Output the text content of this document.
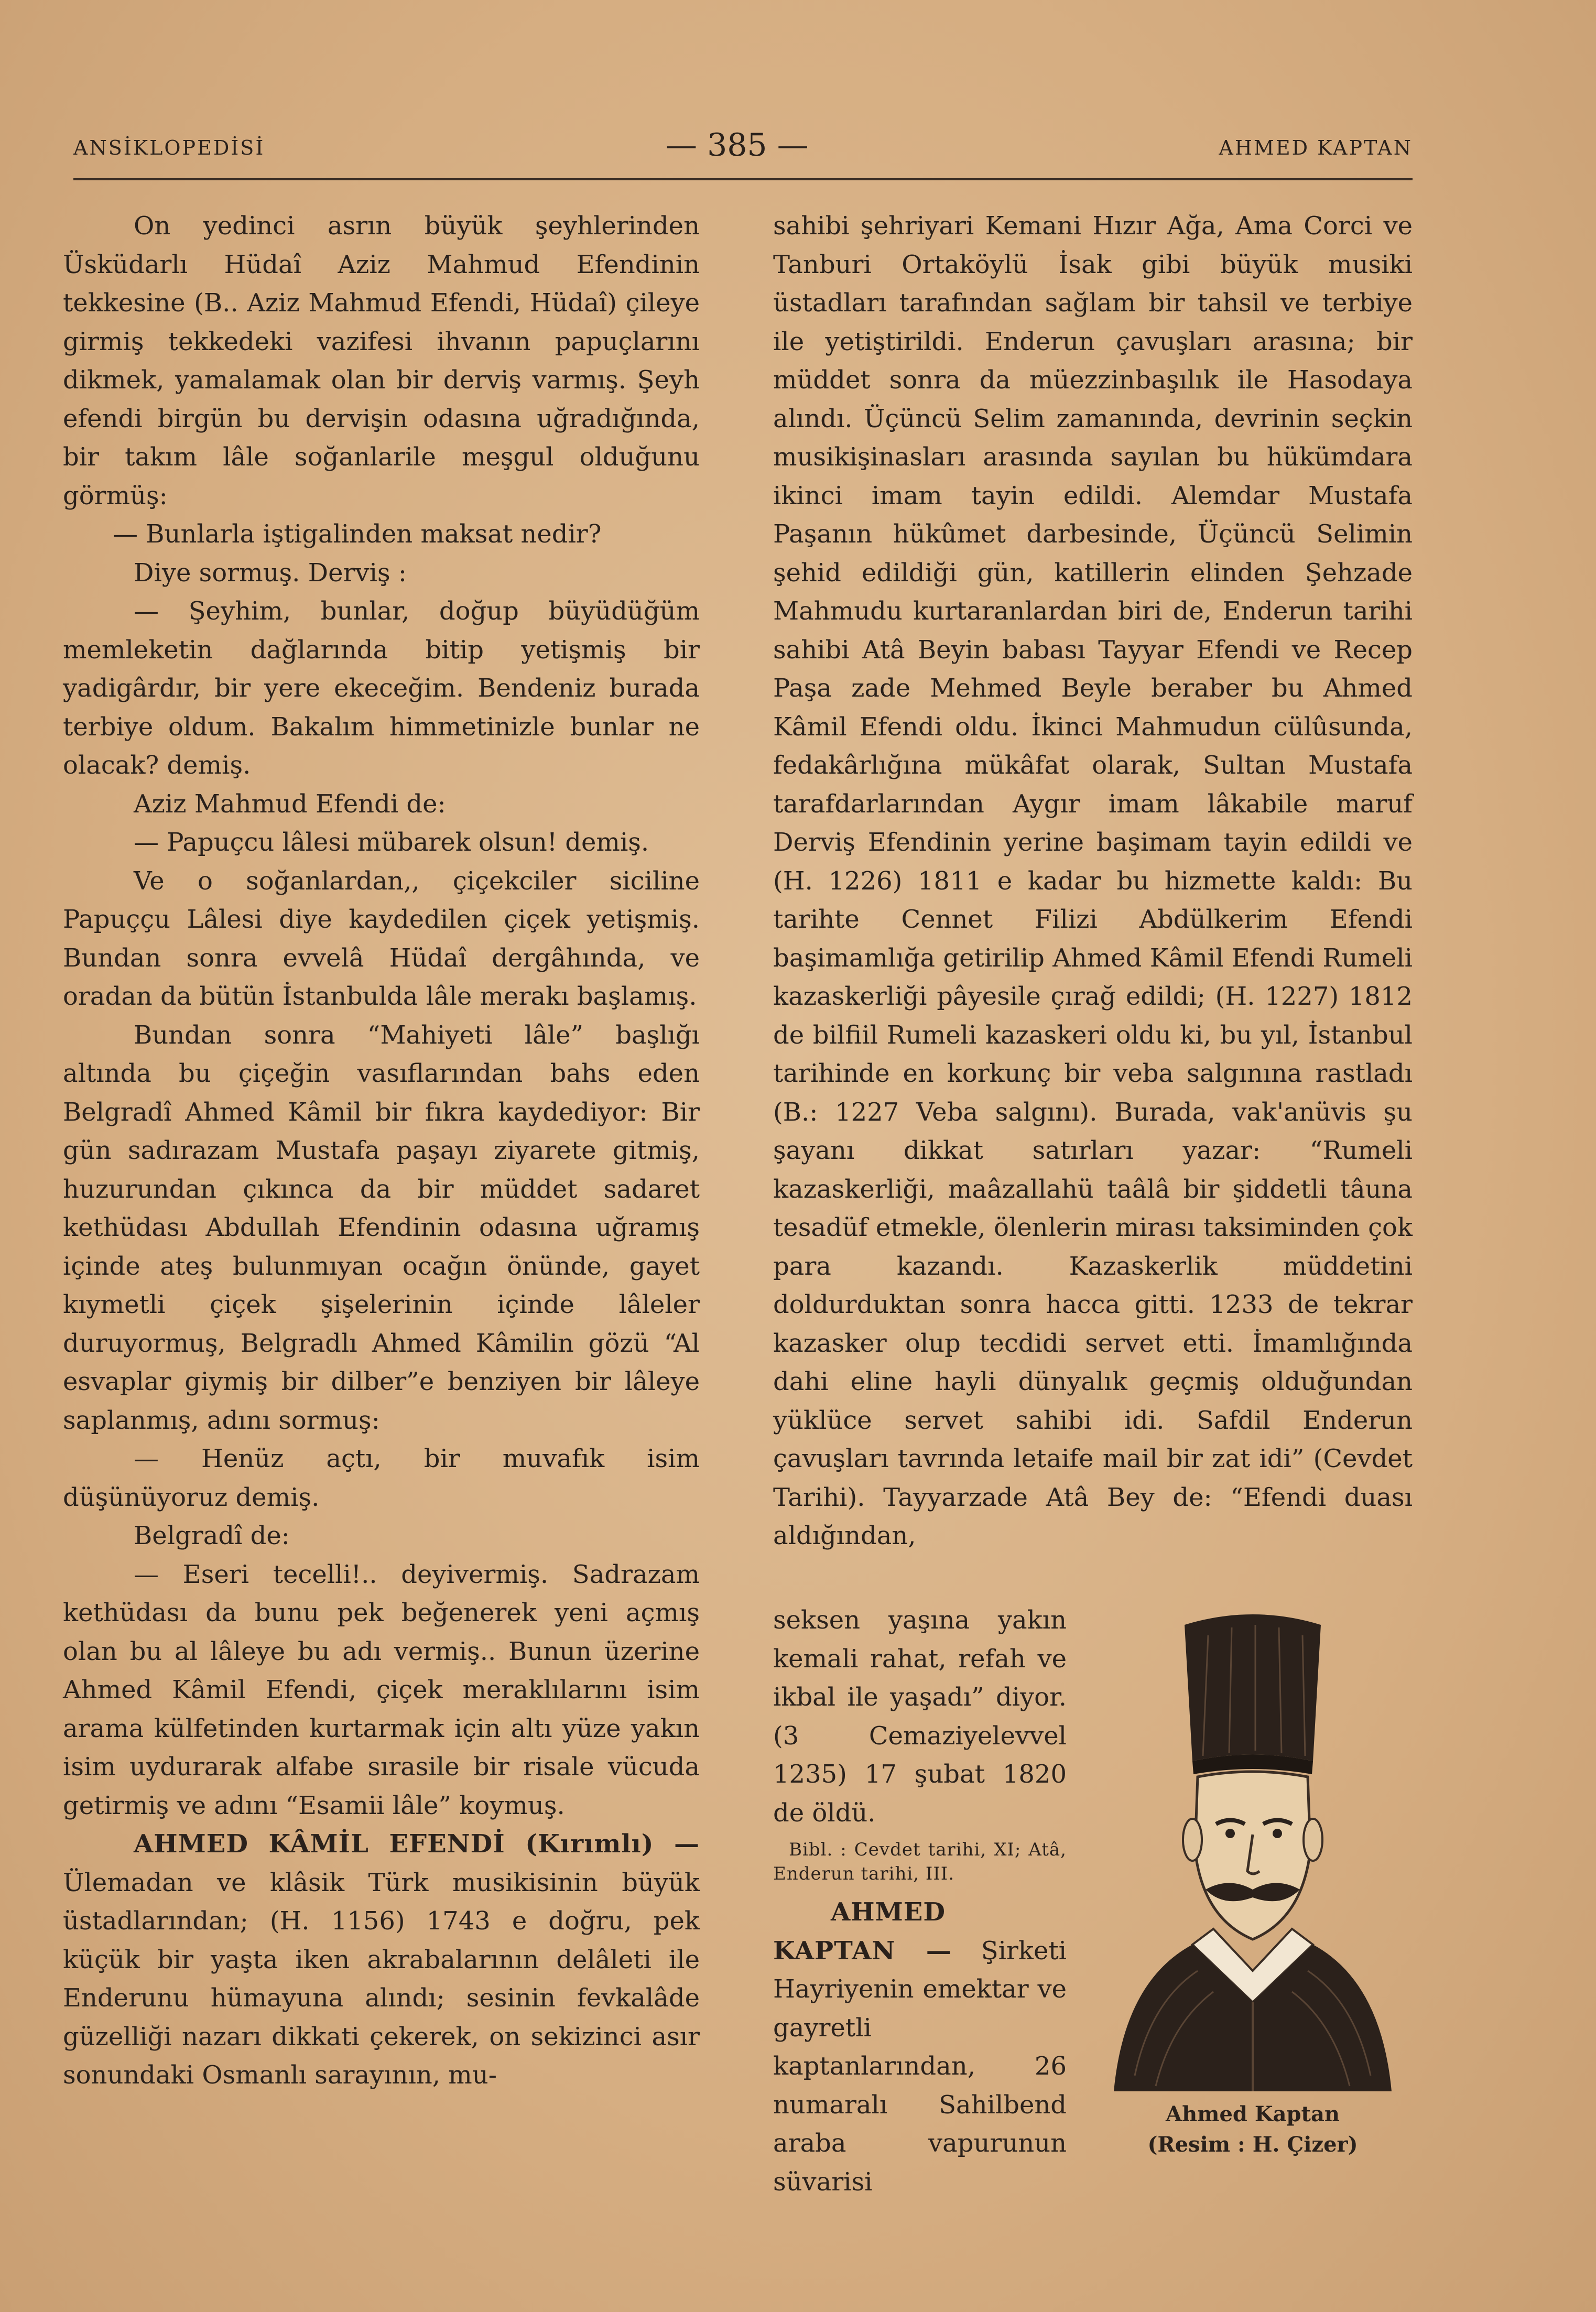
ANSİKLOPEDİSİ	— 385 —	AHMED KAPTAN

On yedinci asrın büyük şeyhlerinden Üsküdarlı Hüdaî Aziz Mahmud Efendinin tekkesine (B.. Aziz Mahmud Efendi, Hüdaî) çileye girmiş tekkedeki vazifesi ihvanın papuçlarını dikmek, yamalamak olan bir derviş varmış. Şeyh efendi birgün bu dervişin odasına uğradığında, bir takım lâle soğanlarile meşgul olduğunu görmüş:

— Bunlarla iştigalinden maksat nedir?

Diye sormuş. Derviş :

— Şeyhim, bunlar, doğup büyüdüğüm memleketin dağlarında bitip yetişmiş bir yadigârdır, bir yere ekeceğim. Bendeniz burada terbiye oldum. Bakalım himmetinizle bunlar ne olacak? demiş.

Aziz Mahmud Efendi de:

— Papuçcu lâlesi mübarek olsun! demiş.

Ve o soğanlardan,, çiçekciler siciline Papuççu Lâlesi diye kaydedilen çiçek yetişmiş. Bundan sonra evvelâ Hüdaî dergâhında, ve oradan da bütün İstanbulda lâle merakı başlamış.

Bundan sonra “Mahiyeti lâle” başlığı altında bu çiçeğin vasıflarından bahs eden Belgradî Ahmed Kâmil bir fıkra kaydediyor: Bir gün sadırazam Mustafa paşayı ziyarete gitmiş, huzurundan çıkınca da bir müddet sadaret kethüdası Abdullah Efendinin odasına uğramış içinde ateş bulunmıyan ocağın önünde, gayet kıymetli çiçek şişelerinin içinde lâleler duruyormuş, Belgradlı Ahmed Kâmilin gözü “Al esvaplar giymiş bir dilber”e benziyen bir lâleye saplanmış, adını sormuş:

— Henüz açtı, bir muvafık isim düşünüyoruz demiş.

Belgradî de:

— Eseri tecelli!.. deyivermiş. Sadrazam kethüdası da bunu pek beğenerek yeni açmış olan bu al lâleye bu adı vermiş.. Bunun üzerine Ahmed Kâmil Efendi, çiçek meraklılarını isim arama külfetinden kurtarmak için altı yüze yakın isim uydurarak alfabe sırasile bir risale vücuda getirmiş ve adını “Esamii lâle” koymuş.

AHMED KÂMİL EFENDİ (Kırımlı) — Ülemadan ve klâsik Türk musikisinin büyük üstadlarından; (H. 1156) 1743 e doğru, pek küçük bir yaşta iken akrabalarının delâleti ile Enderunu hümayuna alındı; sesinin fevkalâde güzelliği nazarı dikkati çekerek, on sekizinci asır sonundaki Osmanlı sarayının, mu-

sahibi şehriyari Kemani Hızır Ağa, Ama Corci ve Tanburi Ortaköylü İsak gibi büyük musiki üstadları tarafından sağlam bir tahsil ve terbiye ile yetiştirildi. Enderun çavuşları arasına; bir müddet sonra da müezzinbaşılık ile Hasodaya alındı. Üçüncü Selim zamanında, devrinin seçkin musikişinasları arasında sayılan bu hükümdara ikinci imam tayin edildi. Alemdar Mustafa Paşanın hükûmet darbesinde, Üçüncü Selimin şehid edildiği gün, katillerin elinden Şehzade Mahmudu kurtaranlardan biri de, Enderun tarihi sahibi Atâ Beyin babası Tayyar Efendi ve Recep Paşa zade Mehmed Beyle beraber bu Ahmed Kâmil Efendi oldu. İkinci Mahmudun cülûsunda, fedakârlığına mükâfat olarak, Sultan Mustafa tarafdarlarından Aygır imam lâkabile maruf Derviş Efendinin yerine başimam tayin edildi ve (H. 1226) 1811 e kadar bu hizmette kaldı: Bu tarihte Cennet Filizi Abdülkerim Efendi başimamlığa getirilip Ahmed Kâmil Efendi Rumeli kazaskerliği pâyesile çırağ edildi; (H. 1227) 1812 de bilfiil Rumeli kazaskeri oldu ki, bu yıl, İstanbul tarihinde en korkunç bir veba salgınına rastladı (B.: 1227 Veba salgını). Burada, vak'anüvis şu şayanı dikkat satırları yazar: “Rumeli kazaskerliği, maâzallahü taâlâ bir şiddetli tâuna tesadüf etmekle, ölenlerin mirası taksiminden çok para kazandı. Kazaskerlik müddetini doldurduktan sonra hacca gitti. 1233 de tekrar kazasker olup tecdidi servet etti. İmamlığında dahi eline hayli dünyalık geçmiş olduğundan yüklüce servet sahibi idi. Safdil Enderun çavuşları tavrında letaife mail bir zat idi” (Cevdet Tarihi). Tayyarzade Atâ Bey de: “Efendi duası aldığından,

seksen yaşına yakın kemali rahat, refah ve ikbal ile yaşadı” diyor. (3 Cemaziyelevvel 1235) 17 şubat 1820 de öldü.

Bibl. : Cevdet tarihi, XI; Atâ, Enderun tarihi, III.

AHMED KAPTAN — Şirketi Hayriyenin emektar ve gayretli kaptanlarından, 26 numaralı Sahilbend araba vapurunun süvarisi

Ahmed Kaptan
(Resim : H. Çizer)
